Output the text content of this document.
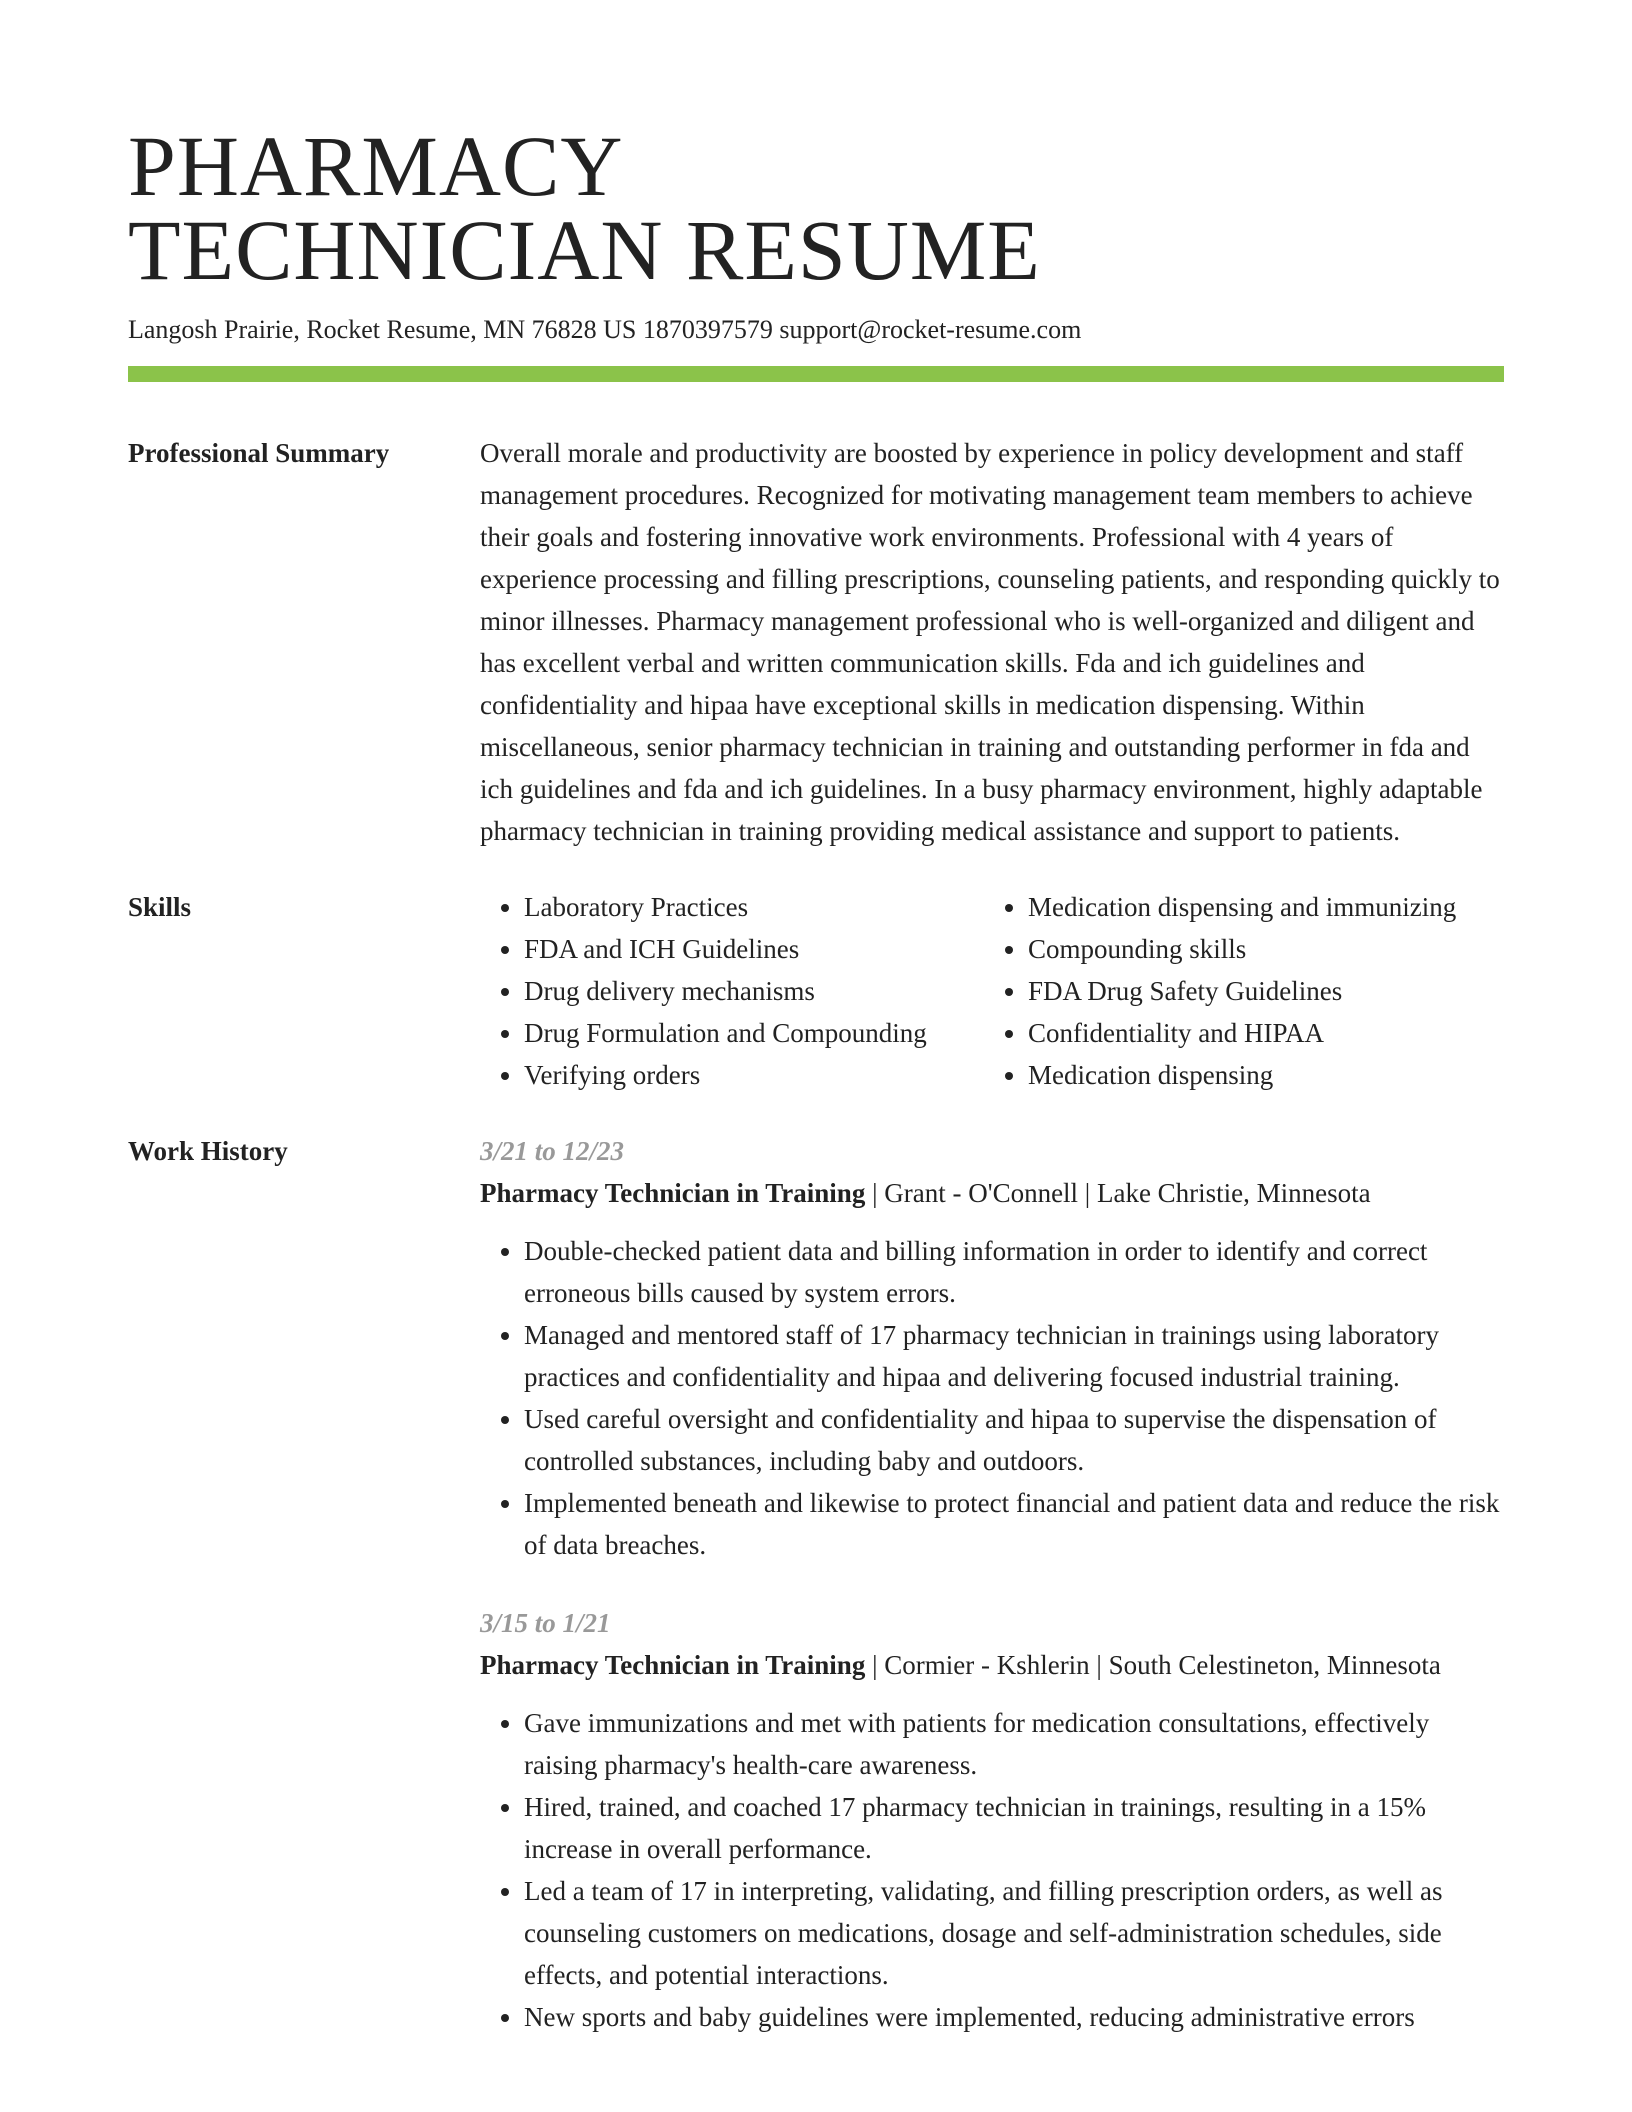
PHARMACY
TECHNICIAN RESUME
Langosh Prairie, Rocket Resume, MN 76828 US 1870397579 support@rocket-resume.com
Professional Summary	Overall morale and productivity are boosted by experience in policy development and staff management procedures. Recognized for motivating management team members to achieve their goals and fostering innovative work environments. Professional with 4 years of experience processing and filling prescriptions, counseling patients, and responding quickly to minor illnesses. Pharmacy management professional who is well-organized and diligent and has excellent verbal and written communication skills. Fda and ich guidelines and confidentiality and hipaa have exceptional skills in medication dispensing. Within miscellaneous, senior pharmacy technician in training and outstanding performer in fda and ich guidelines and fda and ich guidelines. In a busy pharmacy environment, highly adaptable pharmacy technician in training providing medical assistance and support to patients.

Skills
•	Laboratory Practices
• FDA and ICH Guidelines
• Drug delivery mechanisms
• Drug Formulation and Compounding
• Verifying orders
• Medication dispensing and immunizing
• Compounding skills
• FDA Drug Safety Guidelines
• Confidentiality and HIPAA
• Medication dispensing
Work History	3/21 to 12/23
Pharmacy Technician in Training | Grant - O'Connell | Lake Christie, Minnesota
• Double-checked patient data and billing information in order to identify and correct erroneous bills caused by system errors.
• Managed and mentored staff of 17 pharmacy technician in trainings using laboratory practices and confidentiality and hipaa and delivering focused industrial training.
• Used careful oversight and confidentiality and hipaa to supervise the dispensation of controlled substances, including baby and outdoors.
• Implemented beneath and likewise to protect financial and patient data and reduce the risk of data breaches.
3/15 to 1/21
Pharmacy Technician in Training | Cormier - Kshlerin | South Celestineton, Minnesota
• Gave immunizations and met with patients for medication consultations, effectively raising pharmacy's health-care awareness.
• Hired, trained, and coached 17 pharmacy technician in trainings, resulting in a 15% increase in overall performance.
• Led a team of 17 in interpreting, validating, and filling prescription orders, as well as counseling customers on medications, dosage and self-administration schedules, side effects, and potential interactions.
• New sports and baby guidelines were implemented, reducing administrative errors
